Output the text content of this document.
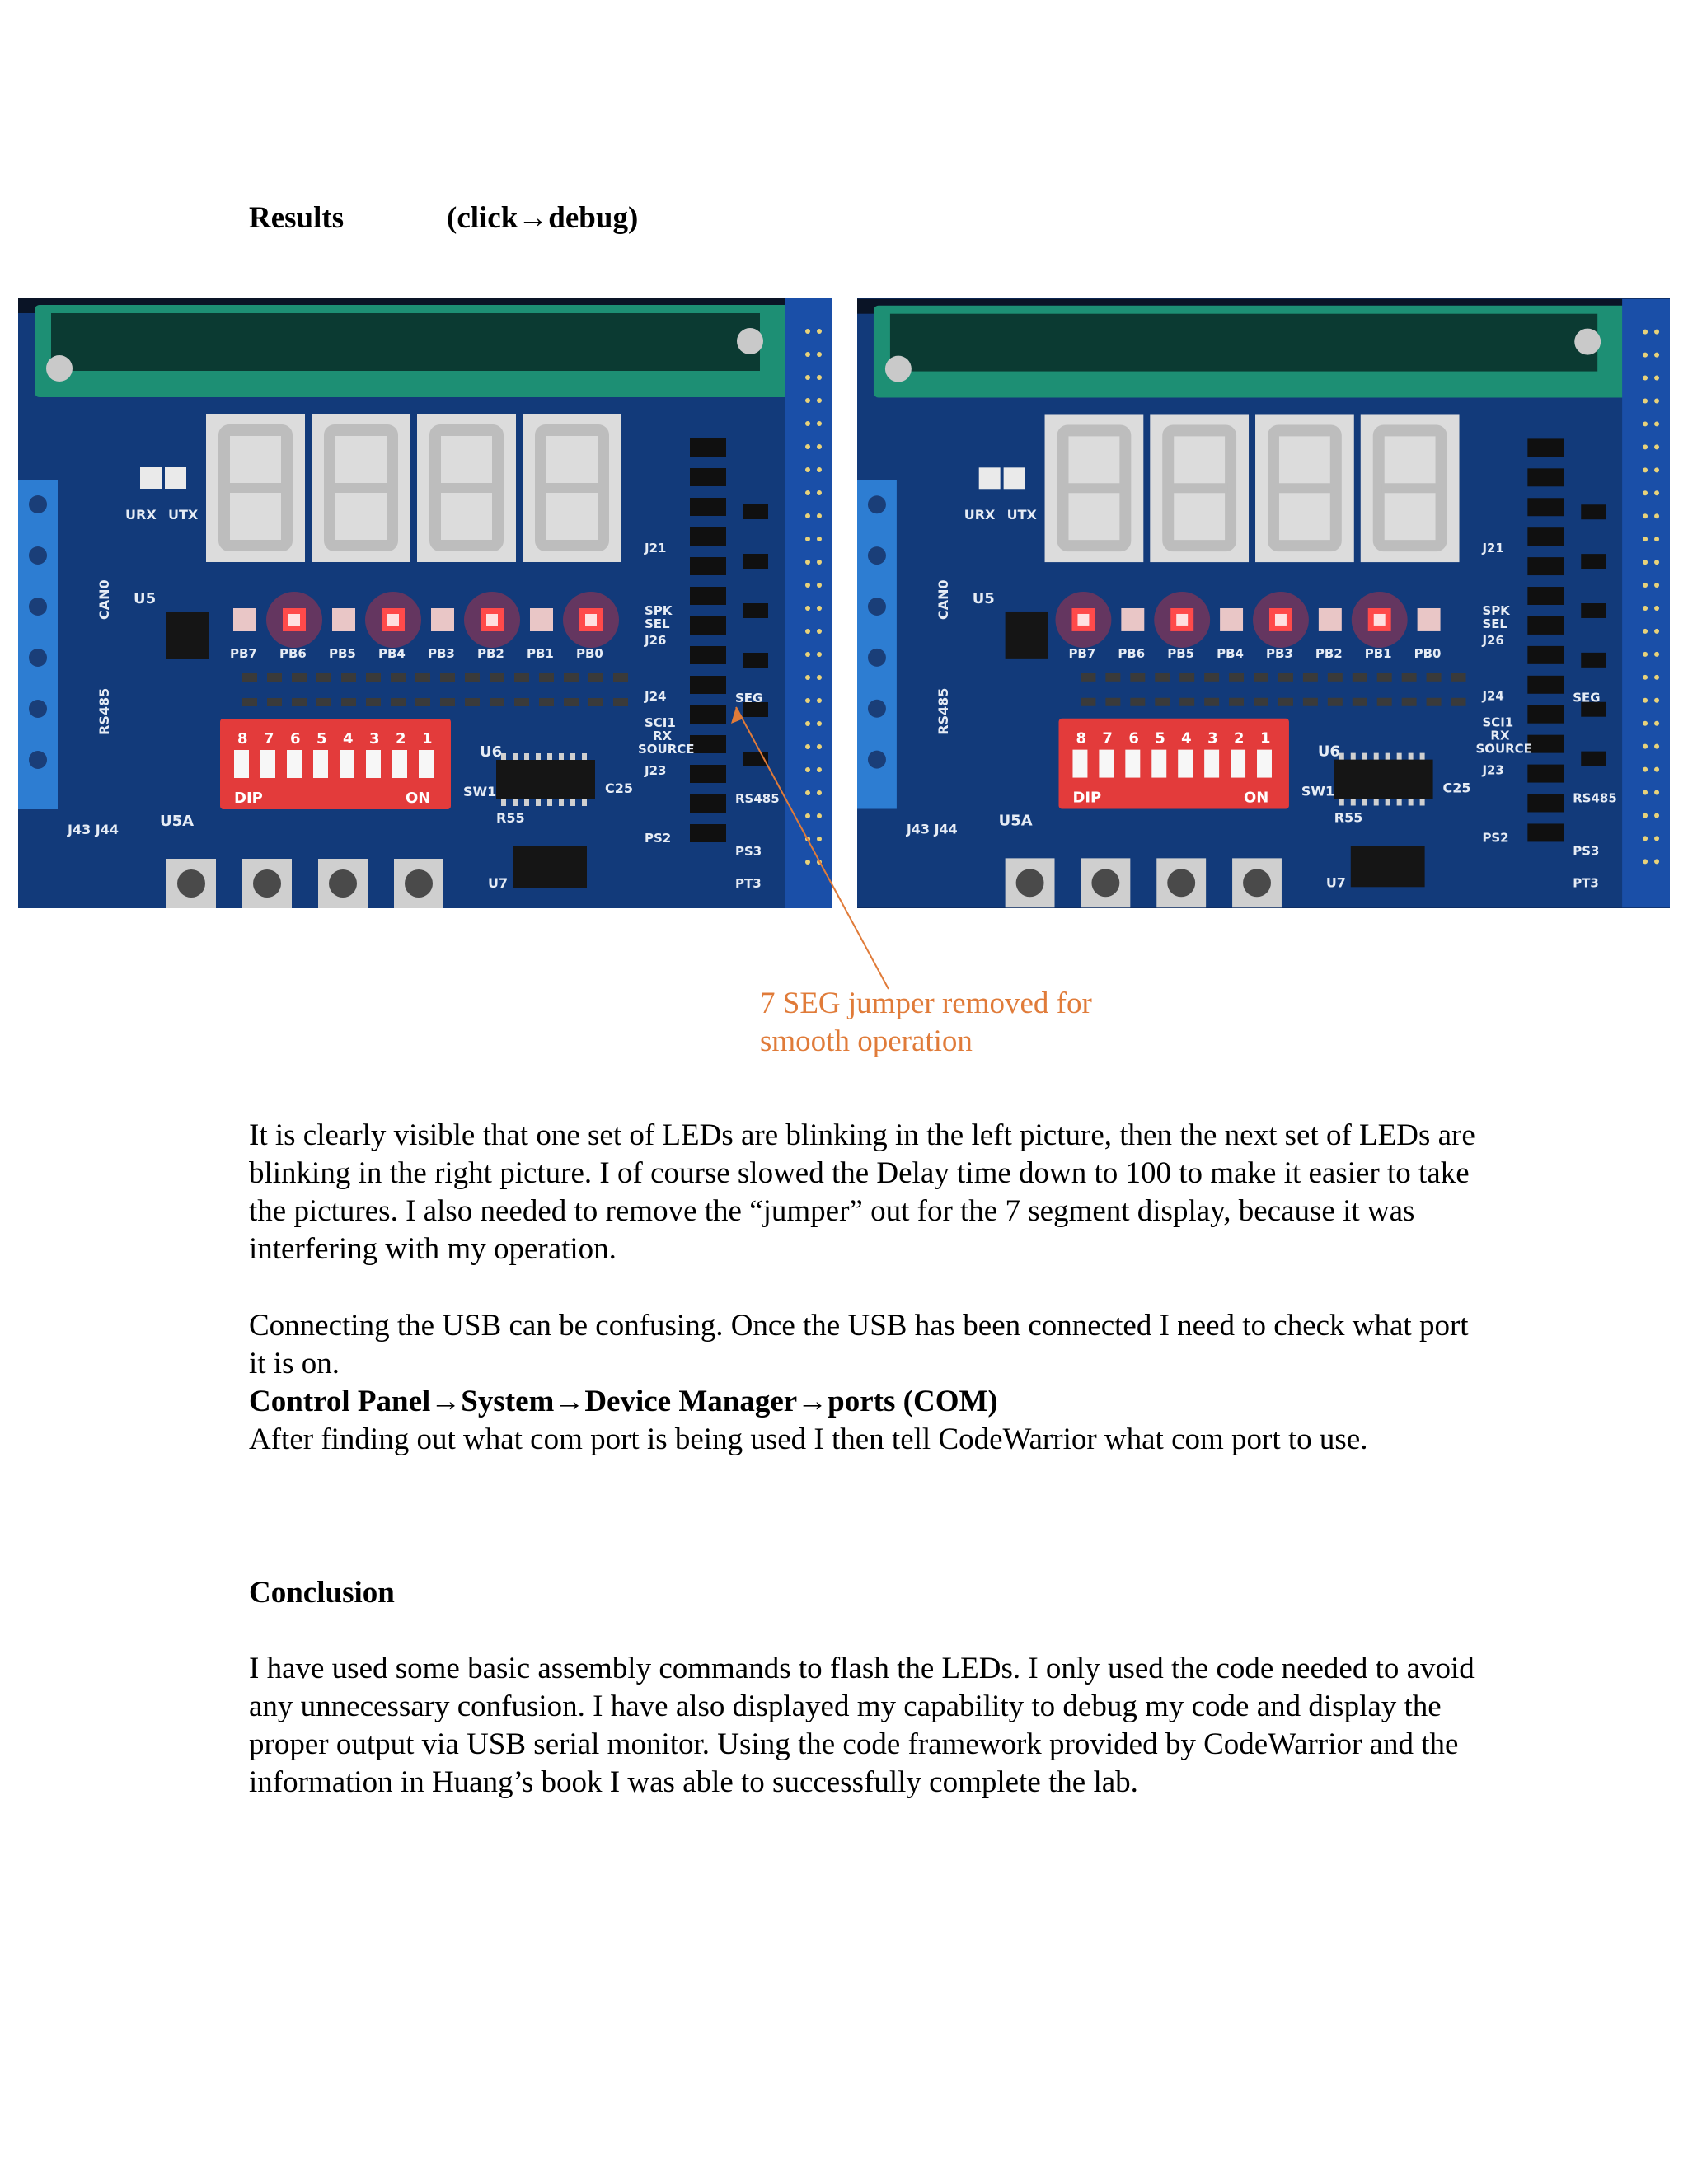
Results	(click→debug)
URX UTX
U5
U5A
J43 J44
CAN0
RS485
PB7 PB6 PB5 PB4 PB3 PB2 PB1 PB0
8 7 6 5 4 3 2 1
DIP	ON
U6
SW1	C25
R55
U7
SPK
SEL
J26
J21
J24	SEG
SCI1
RX
SOURCE
J23
RS485
PS2
PS3
PT3
URX UTX
U5
U5A
J43 J44
CAN0
RS485
PB7 PB6 PB5 PB4 PB3 PB2 PB1 PB0
8 7 6 5 4 3 2 1
DIP	ON
U6
SW1	C25
R55
U7
SPK
SEL
J26
J21
J24	SEG
SCI1
RX
SOURCE
J23
RS485
PS2
PS3
PT3
7 SEG jumper removed for
smooth operation
It is clearly visible that one set of LEDs are blinking in the left picture, then the next set of LEDs are blinking in the right picture. I of course slowed the Delay time down to 100 to make it easier to take the pictures. I also needed to remove the “jumper” out for the 7 segment display, because it was interfering with my operation.
Connecting the USB can be confusing. Once the USB has been connected I need to check what port it is on.
Control Panel→System→Device Manager→ports (COM)
After finding out what com port is being used I then tell CodeWarrior what com port to use.
Conclusion
I have used some basic assembly commands to flash the LEDs. I only used the code needed to avoid any unnecessary confusion. I have also displayed my capability to debug my code and display the proper output via USB serial monitor. Using the code framework provided by CodeWarrior and the information in Huang’s book I was able to successfully complete the lab.
